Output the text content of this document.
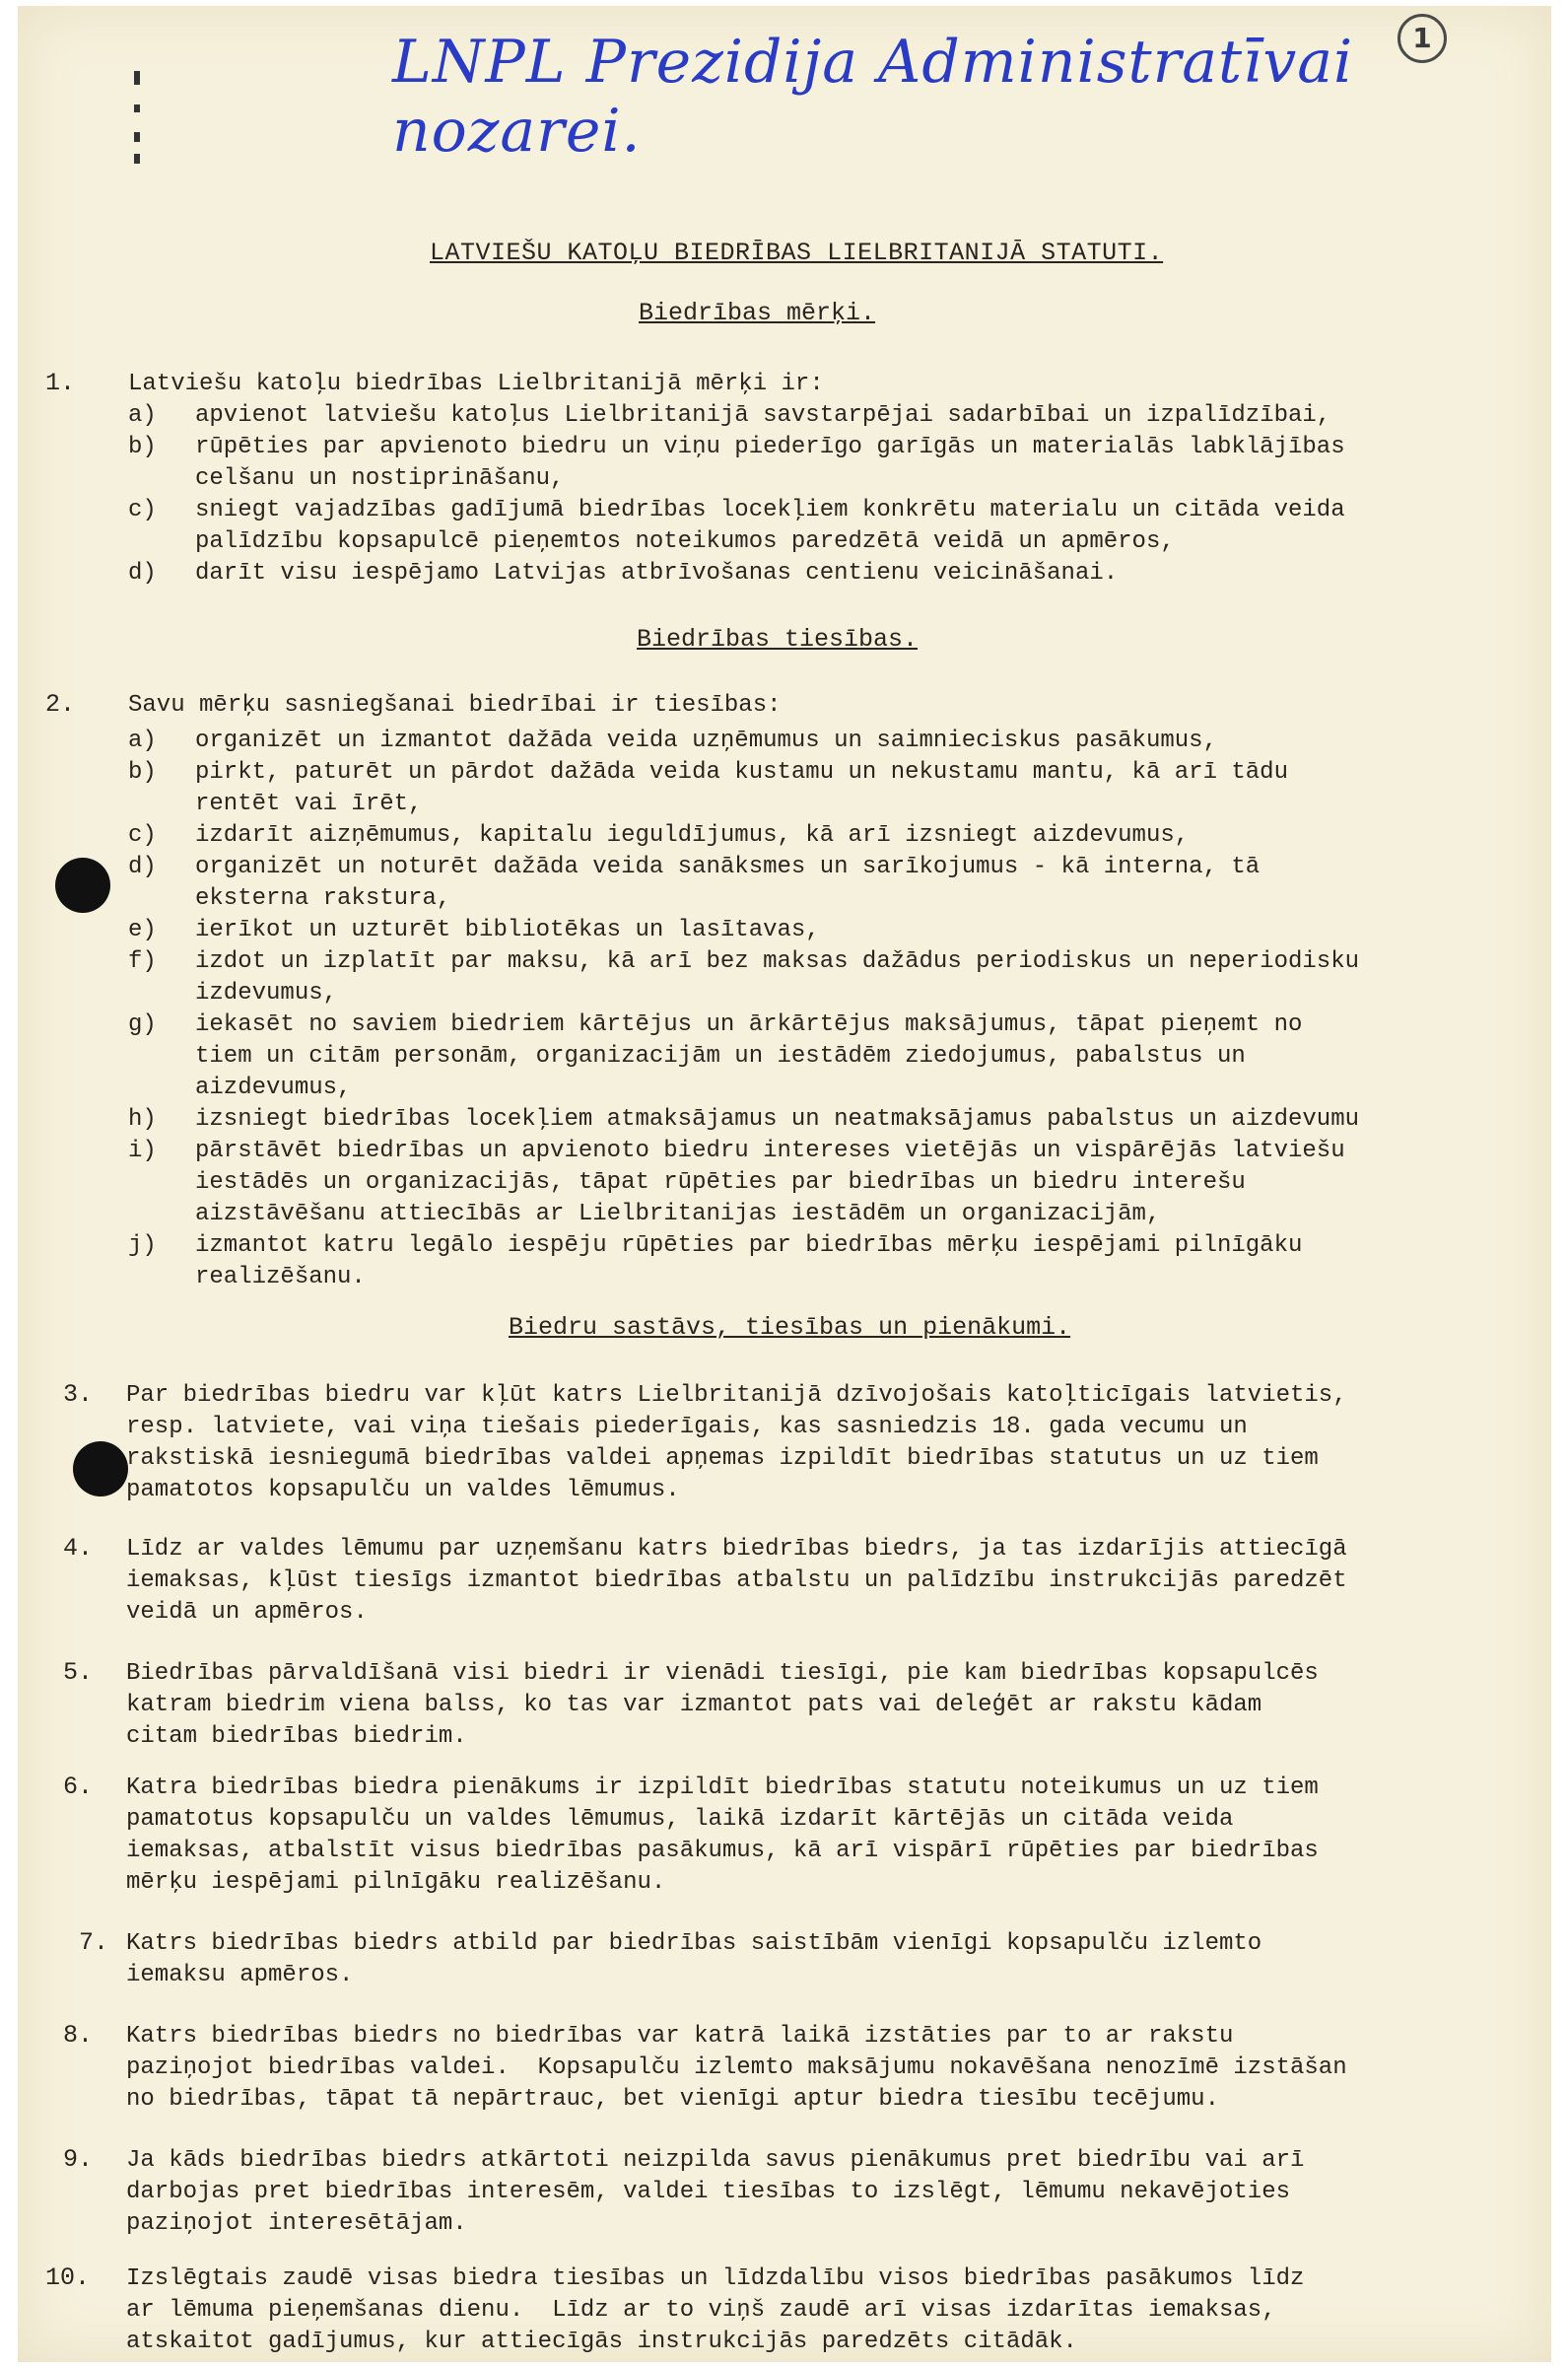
LNPL Prezidija Administratīvai nozarei.
1
LATVIEŠU KATOĻU BIEDRĪBAS LIELBRITANIJĀ STATUTI.
Biedrības mērķi.
1. Latviešu katoļu biedrības Lielbritanijā mērķi ir:
a)	apvienot latviešu katoļus Lielbritanijā savstarpējai sadarbībai un izpalīdzībai,
b)	rūpēties par apvienoto biedru un viņu piederīgo garīgās un materialās labklājības
celšanu un nostiprināšanu,
c)	sniegt vajadzības gadījumā biedrības locekļiem konkrētu materialu un citāda veida
palīdzību kopsapulcē pieņemtos noteikumos paredzētā veidā un apmēros,
d)	darīt visu iespējamo Latvijas atbrīvošanas centienu veicināšanai.
Biedrības tiesības.
2. Savu mērķu sasniegšanai biedrībai ir tiesības:
a)	organizēt un izmantot dažāda veida uzņēmumus un saimnieciskus pasākumus,
b)	pirkt, paturēt un pārdot dažāda veida kustamu un nekustamu mantu, kā arī tādu
rentēt vai īrēt,
c)	izdarīt aizņēmumus, kapitalu ieguldījumus, kā arī izsniegt aizdevumus,
d)	organizēt un noturēt dažāda veida sanāksmes un sarīkojumus - kā interna, tā
eksterna rakstura,
e)	ierīkot un uzturēt bibliotēkas un lasītavas,
f)	izdot un izplatīt par maksu, kā arī bez maksas dažādus periodiskus un neperiodisku
izdevumus,
g)	iekasēt no saviem biedriem kārtējus un ārkārtējus maksājumus, tāpat pieņemt no
tiem un citām personām, organizacijām un iestādēm ziedojumus, pabalstus un
aizdevumus,
h)	izsniegt biedrības locekļiem atmaksājamus un neatmaksājamus pabalstus un aizdevumu
i)	pārstāvēt biedrības un apvienoto biedru intereses vietējās un vispārējās latviešu
iestādēs un organizacijās, tāpat rūpēties par biedrības un biedru interešu
aizstāvēšanu attiecībās ar Lielbritanijas iestādēm un organizacijām,
j)	izmantot katru legālo iespēju rūpēties par biedrības mērķu iespējami pilnīgāku
realizēšanu.
Biedru sastāvs, tiesības un pienākumi.
3. Par biedrības biedru var kļūt katrs Lielbritanijā dzīvojošais katoļticīgais latvietis,
resp. latviete, vai viņa tiešais piederīgais, kas sasniedzis 18. gada vecumu un
rakstiskā iesniegumā biedrības valdei apņemas izpildīt biedrības statutus un uz tiem
pamatotos kopsapulču un valdes lēmumus.
4. Līdz ar valdes lēmumu par uzņemšanu katrs biedrības biedrs, ja tas izdarījis attiecīgā
iemaksas, kļūst tiesīgs izmantot biedrības atbalstu un palīdzību instrukcijās paredzēt
veidā un apmēros.
5. Biedrības pārvaldīšanā visi biedri ir vienādi tiesīgi, pie kam biedrības kopsapulcēs
katram biedrim viena balss, ko tas var izmantot pats vai deleģēt ar rakstu kādam
citam biedrības biedrim.
6. Katra biedrības biedra pienākums ir izpildīt biedrības statutu noteikumus un uz tiem
pamatotus kopsapulču un valdes lēmumus, laikā izdarīt kārtējās un citāda veida
iemaksas, atbalstīt visus biedrības pasākumus, kā arī vispārī rūpēties par biedrības
mērķu iespējami pilnīgāku realizēšanu.
7. Katrs biedrības biedrs atbild par biedrības saistībām vienīgi kopsapulču izlemto
iemaksu apmēros.
8. Katrs biedrības biedrs no biedrības var katrā laikā izstāties par to ar rakstu
paziņojot biedrības valdei.  Kopsapulču izlemto maksājumu nokavēšana nenozīmē izstāšan
no biedrības, tāpat tā nepārtrauc, bet vienīgi aptur biedra tiesību tecējumu.
9. Ja kāds biedrības biedrs atkārtoti neizpilda savus pienākumus pret biedrību vai arī
darbojas pret biedrības interesēm, valdei tiesības to izslēgt, lēmumu nekavējoties
paziņojot interesētājam.
10. Izslēgtais zaudē visas biedra tiesības un līdzdalību visos biedrības pasākumos līdz
ar lēmuma pieņemšanas dienu.  Līdz ar to viņš zaudē arī visas izdarītas iemaksas,
atskaitot gadījumus, kur attiecīgās instrukcijās paredzēts citādāk.
